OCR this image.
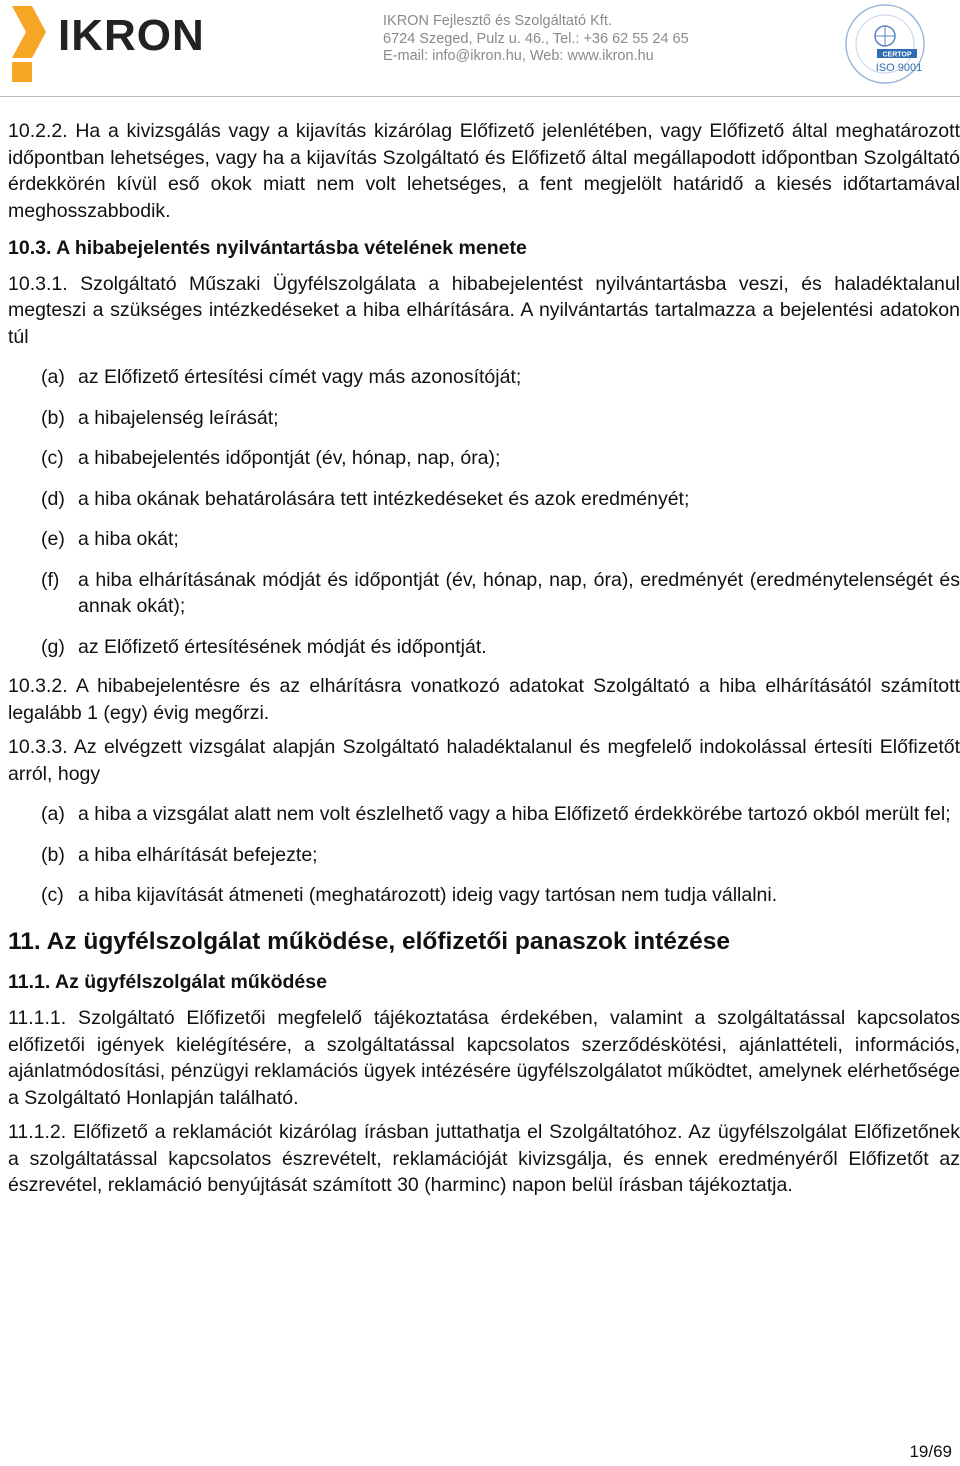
IKRON	IKRON Fejlesztő és Szolgáltató Kft.
6724 Szeged, Pulz u. 46., Tel.: +36 62 55 24 65
E-mail: info@ikron.hu, Web: www.ikron.hu	CERTOP
ISO 9001

10.2.2. Ha a kivizsgálás vagy a kijavítás kizárólag Előfizető jelenlétében, vagy Előfizető által meghatározott időpontban lehetséges, vagy ha a kijavítás Szolgáltató és Előfizető által megállapodott időpontban Szolgáltató érdekkörén kívül eső okok miatt nem volt lehetséges, a fent megjelölt határidő a kiesés időtartamával meghosszabbodik.

10.3. A hibabejelentés nyilvántartásba vételének menete

10.3.1. Szolgáltató Műszaki Ügyfélszolgálata a hibabejelentést nyilvántartásba veszi, és haladéktalanul megteszi a szükséges intézkedéseket a hiba elhárítására. A nyilvántartás tartalmazza a bejelentési adatokon túl

(a) az Előfizető értesítési címét vagy más azonosítóját;
(b) a hibajelenség leírását;
(c) a hibabejelentés időpontját (év, hónap, nap, óra);
(d) a hiba okának behatárolására tett intézkedéseket és azok eredményét;
(e) a hiba okát;
(f) a hiba elhárításának módját és időpontját (év, hónap, nap, óra), eredményét (eredménytelenségét és annak okát);
(g) az Előfizető értesítésének módját és időpontját.

10.3.2. A hibabejelentésre és az elhárításra vonatkozó adatokat Szolgáltató a hiba elhárításától számított legalább 1 (egy) évig megőrzi.

10.3.3. Az elvégzett vizsgálat alapján Szolgáltató haladéktalanul és megfelelő indokolással értesíti Előfizetőt arról, hogy

(a) a hiba a vizsgálat alatt nem volt észlelhető vagy a hiba Előfizető érdekkörébe tartozó okból merült fel;
(b) a hiba elhárítását befejezte;
(c) a hiba kijavítását átmeneti (meghatározott) ideig vagy tartósan nem tudja vállalni.
11. Az ügyfélszolgálat működése, előfizetői panaszok intézése
11.1. Az ügyfélszolgálat működése

11.1.1. Szolgáltató Előfizetői megfelelő tájékoztatása érdekében, valamint a szolgáltatással kapcsolatos előfizetői igények kielégítésére, a szolgáltatással kapcsolatos szerződéskötési, ajánlattételi, információs, ajánlatmódosítási, pénzügyi reklamációs ügyek intézésére ügyfélszolgálatot működtet, amelynek elérhetősége a Szolgáltató Honlapján található.

11.1.2. Előfizető a reklamációt kizárólag írásban juttathatja el Szolgáltatóhoz. Az ügyfélszolgálat Előfizetőnek a szolgáltatással kapcsolatos észrevételt, reklamációját kivizsgálja, és ennek eredményéről Előfizetőt az észrevétel, reklamáció benyújtását számított 30 (harminc) napon belül írásban tájékoztatja.

19/69
